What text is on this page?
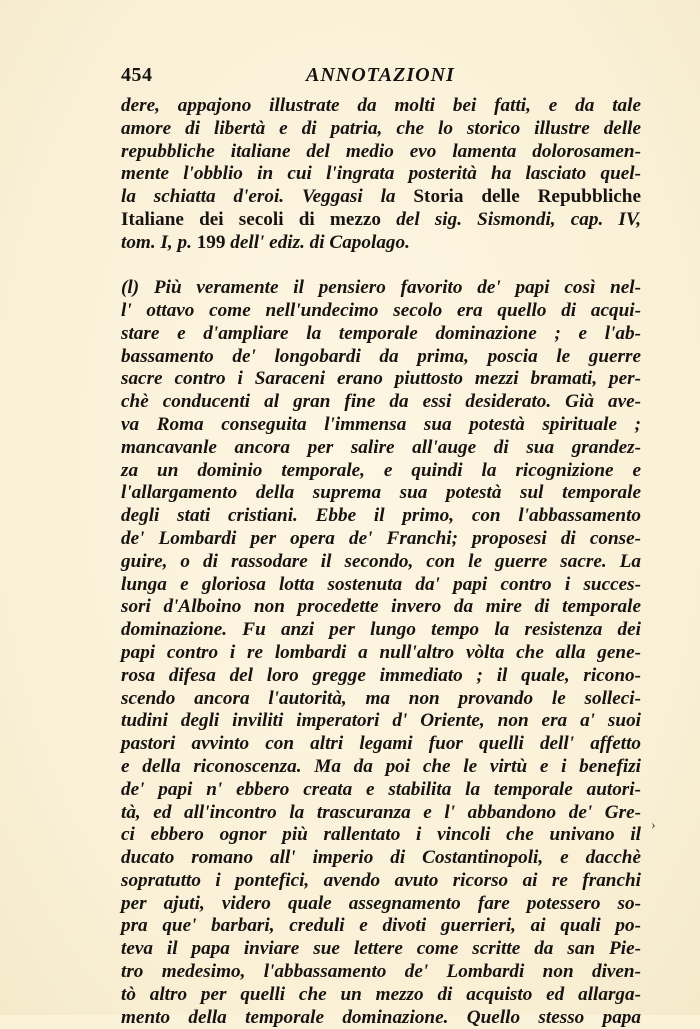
454	ANNOTAZIONI
dere, appajono illustrate da molti bei fatti, e da tale
amore di libertà e di patria, che lo storico illustre delle
repubbliche italiane del medio evo lamenta dolorosamen-
mente l'obblio in cui l'ingrata posterità ha lasciato quel-
la schiatta d'eroi. Veggasi la Storia delle Repubbliche
Italiane dei secoli di mezzo del sig. Sismondi, cap. IV,
tom. I, p. 199 dell' ediz. di Capolago.
(l) Più veramente il pensiero favorito de' papi così nel-
l' ottavo come nell'undecimo secolo era quello di acqui-
stare e d'ampliare la temporale dominazione ; e l'ab-
bassamento de' longobardi da prima, poscia le guerre
sacre contro i Saraceni erano piuttosto mezzi bramati, per-
chè conducenti al gran fine da essi desiderato. Già ave-
va Roma conseguita l'immensa sua potestà spirituale ;
mancavanle ancora per salire all'auge di sua grandez-
za un dominio temporale, e quindi la ricognizione e
l'allargamento della suprema sua potestà sul temporale
degli stati cristiani. Ebbe il primo, con l'abbassamento
de' Lombardi per opera de' Franchi; proposesi di conse-
guire, o di rassodare il secondo, con le guerre sacre. La
lunga e gloriosa lotta sostenuta da' papi contro i succes-
sori d'Alboino non procedette invero da mire di temporale
dominazione. Fu anzi per lungo tempo la resistenza dei
papi contro i re lombardi a null'altro vòlta che alla gene-
rosa difesa del loro gregge immediato ; il quale, ricono-
scendo ancora l'autorità, ma non provando le solleci-
tudini degli inviliti imperatori d' Oriente, non era a' suoi
pastori avvinto con altri legami fuor quelli dell' affetto
e della riconoscenza. Ma da poi che le virtù e i benefizi
de' papi n' ebbero creata e stabilita la temporale autori-
tà, ed all'incontro la trascuranza e l' abbandono de' Gre-
ci ebbero ognor più rallentato i vincoli che univano il
ducato romano all' imperio di Costantinopoli, e dacchè
sopratutto i pontefici, avendo avuto ricorso ai re franchi
per ajuti, videro quale assegnamento fare potessero so-
pra que' barbari, creduli e divoti guerrieri, ai quali po-
teva il papa inviare sue lettere come scritte da san Pie-
tro medesimo, l'abbassamento de' Lombardi non diven-
tò altro per quelli che un mezzo di acquisto ed allarga-
mento della temporale dominazione. Quello stesso papa
›
